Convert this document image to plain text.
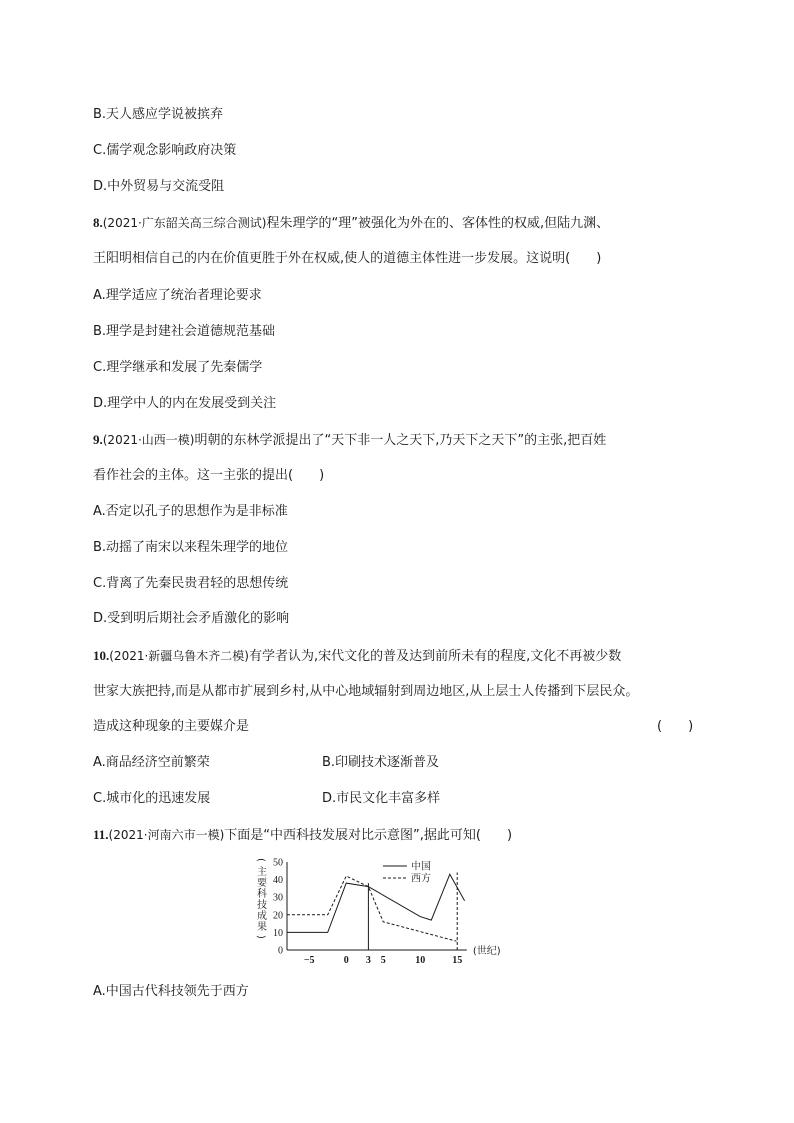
B.天人感应学说被摈弃
C.儒学观念影响政府决策
D.中外贸易与交流受阻
8.(2021·广东韶关高三综合测试)程朱理学的“理”被强化为外在的、客体性的权威,但陆九渊、
王阳明相信自己的内在价值更胜于外在权威,使人的道德主体性进一步发展。这说明(　　)
A.理学适应了统治者理论要求
B.理学是封建社会道德规范基础
C.理学继承和发展了先秦儒学
D.理学中人的内在发展受到关注
9.(2021·山西一模)明朝的东林学派提出了“天下非一人之天下,乃天下之天下”的主张,把百姓
看作社会的主体。这一主张的提出(　　)
A.否定以孔子的思想作为是非标准
B.动摇了南宋以来程朱理学的地位
C.背离了先秦民贵君轻的思想传统
D.受到明后期社会矛盾激化的影响
10.(2021·新疆乌鲁木齐二模)有学者认为,宋代文化的普及达到前所未有的程度,文化不再被少数
世家大族把持,而是从都市扩展到乡村,从中心地域辐射到周边地区,从上层士人传播到下层民众。
造成这种现象的主要媒介是	(　　)
A.商品经济空前繁荣	B.印刷技术逐渐普及
C.城市化的迅速发展	D.市民文化丰富多样
11.(2021·河南六市一模)下面是“中西科技发展对比示意图”,据此可知(　　)
(
主
要
科
技
成
果
)
0
10
20
30
40
50
−5	0 3 5	10	15
(世纪)
中国
西方
A.中国古代科技领先于西方
